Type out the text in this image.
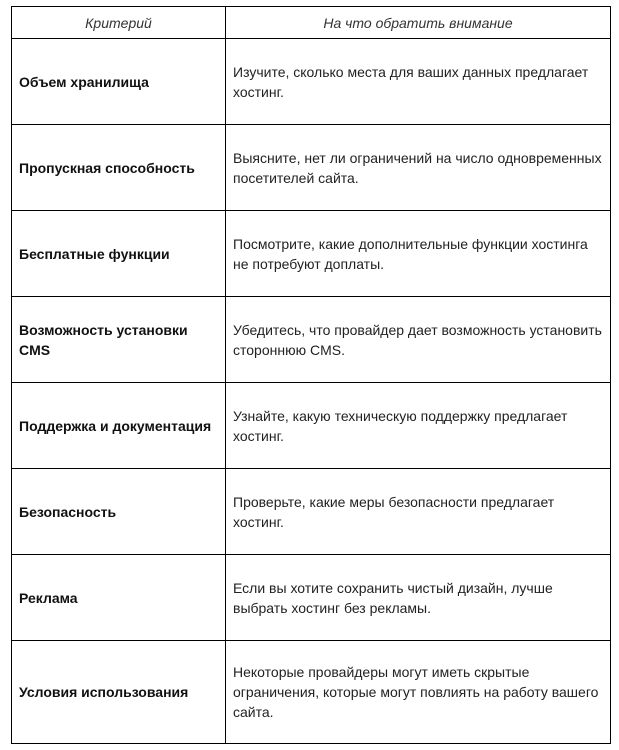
Критерий	На что обратить внимание
Объем хранилища	Изучите, сколько места для ваших данных предлагает хостинг.
Пропускная способность	Выясните, нет ли ограничений на число одновременных посетителей сайта.
Бесплатные функции	Посмотрите, какие дополнительные функции хостинга не потребуют доплаты.
Возможность установки CMS	Убедитесь, что провайдер дает возможность установить стороннюю CMS.
Поддержка и документация	Узнайте, какую техническую поддержку предлагает хостинг.
Безопасность	Проверьте, какие меры безопасности предлагает хостинг.
Реклама	Если вы хотите сохранить чистый дизайн, лучше выбрать хостинг без рекламы.
Условия использования	Некоторые провайдеры могут иметь скрытые ограничения, которые могут повлиять на работу вашего сайта.
